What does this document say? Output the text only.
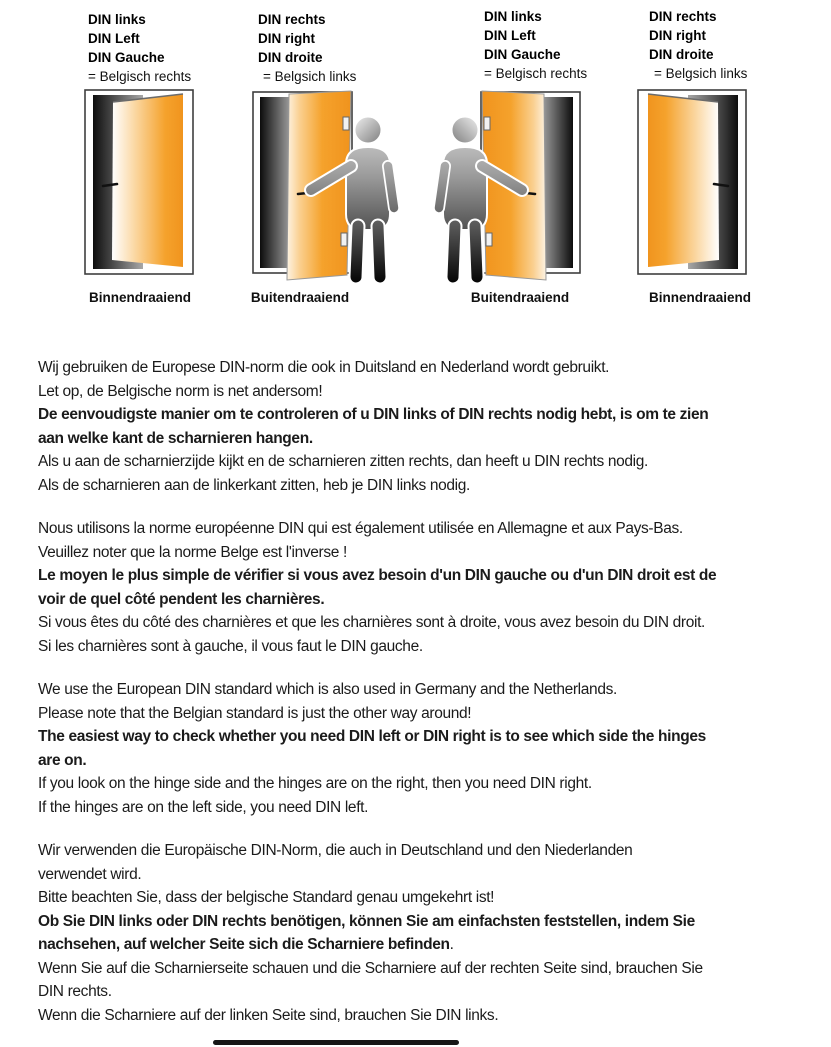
DIN links
DIN Left
DIN Gauche
= Belgisch rechts
DIN rechts
DIN right
DIN droite
= Belgsich links
DIN links
DIN Left
DIN Gauche
= Belgisch rechts
DIN rechts
DIN right
DIN droite
= Belgsich links
Binnendraaiend	Buitendraaiend	Buitendraaiend	Binnendraaiend
Wij gebruiken de Europese DIN-norm die ook in Duitsland en Nederland wordt gebruikt.
Let op, de Belgische norm is net andersom!
De eenvoudigste manier om te controleren of u DIN links of DIN rechts nodig hebt, is om te zien
aan welke kant de scharnieren hangen.
Als u aan de scharnierzijde kijkt en de scharnieren zitten rechts, dan heeft u DIN rechts nodig.
Als de scharnieren aan de linkerkant zitten, heb je DIN links nodig.
Nous utilisons la norme européenne DIN qui est également utilisée en Allemagne et aux Pays-Bas.
Veuillez noter que la norme Belge est l'inverse !
Le moyen le plus simple de vérifier si vous avez besoin d'un DIN gauche ou d'un DIN droit est de
voir de quel côté pendent les charnières.
Si vous êtes du côté des charnières et que les charnières sont à droite, vous avez besoin du DIN droit.
Si les charnières sont à gauche, il vous faut le DIN gauche.
We use the European DIN standard which is also used in Germany and the Netherlands.
Please note that the Belgian standard is just the other way around!
The easiest way to check whether you need DIN left or DIN right is to see which side the hinges
are on.
If you look on the hinge side and the hinges are on the right, then you need DIN right.
If the hinges are on the left side, you need DIN left.
Wir verwenden die Europäische DIN-Norm, die auch in Deutschland und den Niederlanden
verwendet wird.
Bitte beachten Sie, dass der belgische Standard genau umgekehrt ist!
Ob Sie DIN links oder DIN rechts benötigen, können Sie am einfachsten feststellen, indem Sie
nachsehen, auf welcher Seite sich die Scharniere befinden.
Wenn Sie auf die Scharnierseite schauen und die Scharniere auf der rechten Seite sind, brauchen Sie
DIN rechts.
Wenn die Scharniere auf der linken Seite sind, brauchen Sie DIN links.
